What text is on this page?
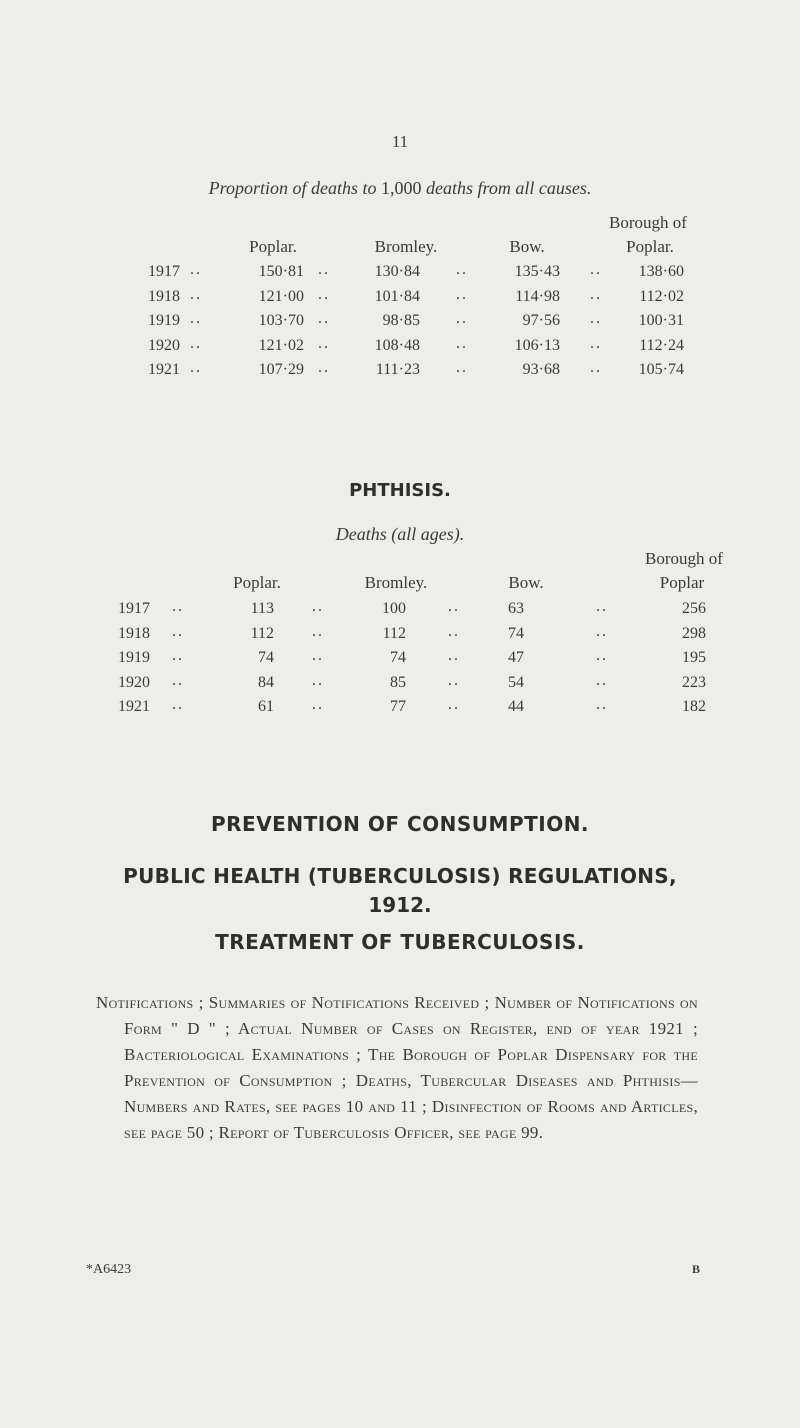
11
Proportion of deaths to 1,000 deaths from all causes.
Poplar.	Bromley.	Bow.
Borough of
Poplar.
1917 ..	150·81 ..	130·84 ..	135·43 ..	138·60
1918 ..	121·00 ..	101·84 ..	114·98 ..	112·02
1919 ..	103·70 ..	98·85 ..	97·56 ..	100·31
1920 ..	121·02 ..	108·48 ..	106·13 ..	112·24
1921 ..	107·29 ..	111·23 ..	93·68 ..	105·74
PHTHISIS.
Deaths (all ages).
Poplar.	Bromley.	Bow.
Borough of
Poplar
1917 ..	113 ..	100	..	63	..	256
1918 ..	112 ..	112	..	74	..	298
1919 ..	74 ..	74	..	47	..	195
1920 ..	84 ..	85	..	54	..	223
1921 ..	61 ..	77	..	44	..	182
PREVENTION OF CONSUMPTION.
PUBLIC HEALTH (TUBERCULOSIS) REGULATIONS,
1912.
TREATMENT OF TUBERCULOSIS.

Notifications ; Summaries of Notifications Received ; Number of Notifications on Form " D " ; Actual Number of Cases on Register, end of year 1921 ; Bacteriological Examinations ; The Borough of Poplar Dispensary for the Prevention of Consumption ; Deaths, Tubercular Diseases and Phthisis—Numbers and Rates, see pages 10 and 11 ; Disinfection of Rooms and Articles, see page 50 ; Report of Tuberculosis Officer, see page 99.

*A6423	B
